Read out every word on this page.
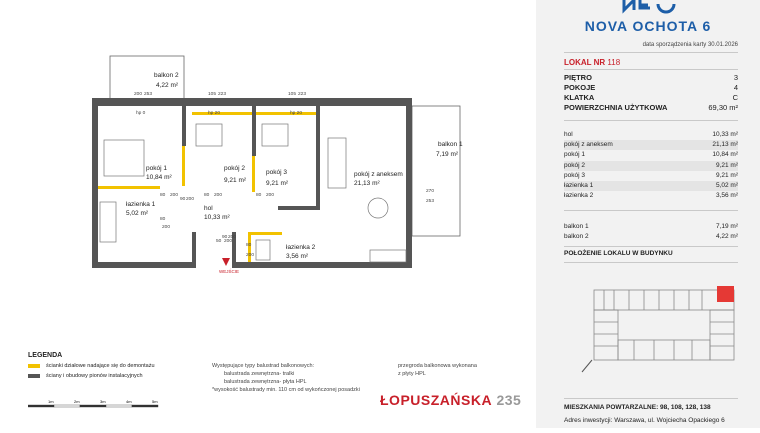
WEJŚCIE
pokój 1
10,84 m²
pokój 2
9,21 m²
pokój 3
9,21 m²
pokój z aneksem
21,13 m²
hol
10,33 m²
łazienka 1
5,02 m²
łazienka 2
3,56 m²
balkon 1
7,19 m²
balkon 2
4,22 m²
200 253	105 223	105 223
hp 0	hp 20	hp 20
80 200
80 200	80 200
90 200
80
200
90 200
80
200
270
253
50 200
NOVA OCHOTA 6
data sporządzenia karty 30.01.2026
LOKAL NR 118
PIĘTRO	3
POKOJE	4
KLATKA	C
POWIERZCHNIA UŻYTKOWA	69,30 m²
hol	10,33 m²
pokój z aneksem	21,13 m²
pokój 1	10,84 m²
pokój 2	9,21 m²
pokój 3	9,21 m²
łazienka 1	5,02 m²
łazienka 2	3,56 m²
balkon 1	7,19 m²
balkon 2	4,22 m²
POŁOŻENIE LOKALU W BUDYNKU
MIESZKANIA POWTARZALNE: 98, 108, 128, 138
Adres inwestycji: Warszawa, ul. Wojciecha Opackiego 6
LEGENDA
ścianki działowe nadające się do demontażu
ściany i obudowy pionów instalacyjnych
Występujące typy balustrad balkonowych:
balustrada zewnętrzna- tralki
balustrada zewnętrzna- płyta HPL
*wysokość balustrady min. 110 cm od wykończonej posadzki
przegroda balkonowa wykonana
z płyty HPL
ŁOPUSZAŃSKA 235
1m	2m	3m	4m	5m
